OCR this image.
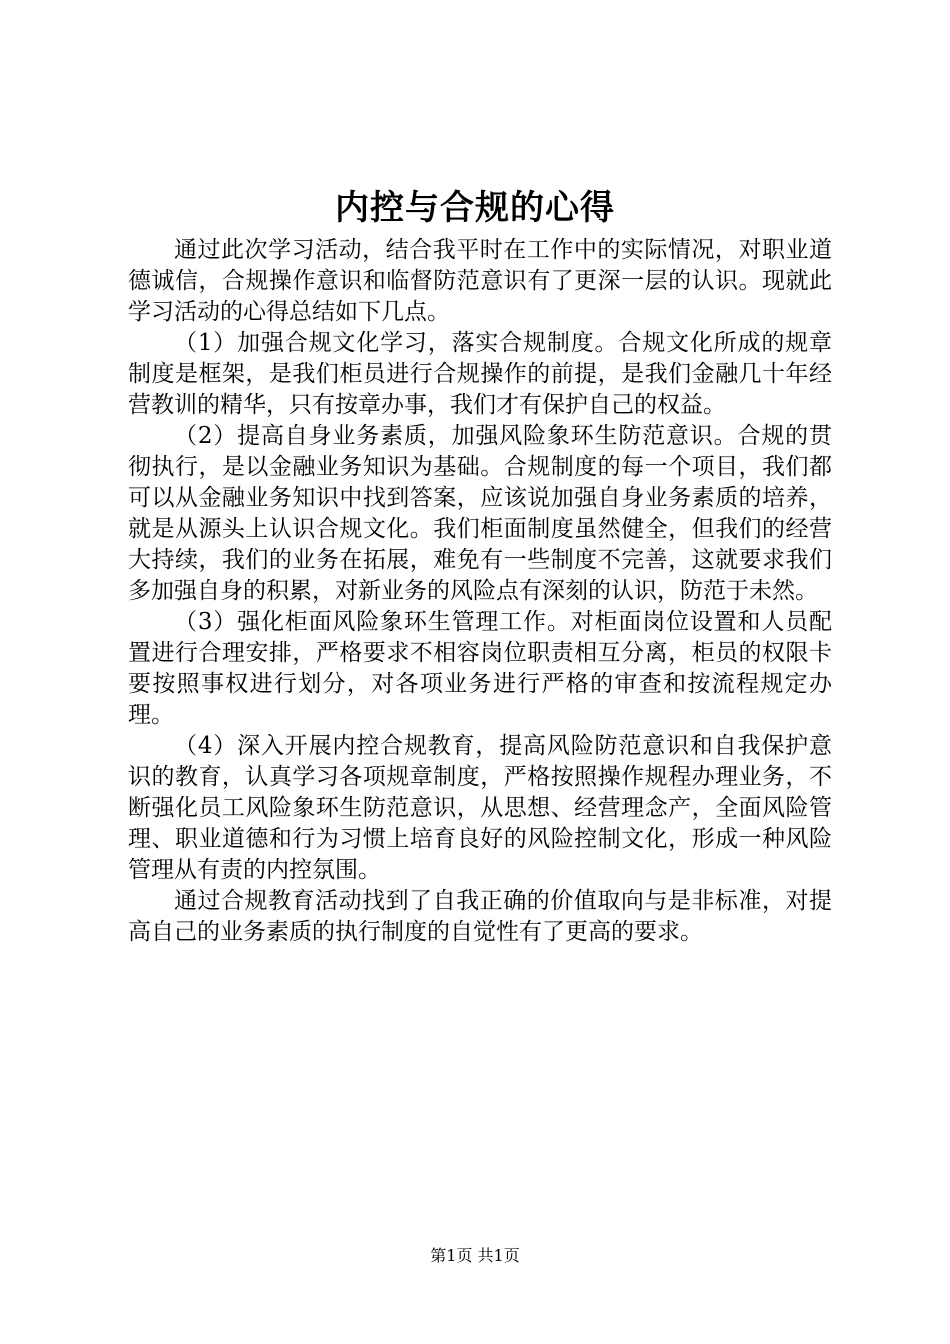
内控与合规的心得

通过此次学习活动，结合我平时在工作中的实际情况，对职业道德诚信，合规操作意识和临督防范意识有了更深一层的认识。现就此学习活动的心得总结如下几点。

（1）加强合规文化学习，落实合规制度。合规文化所成的规章制度是框架，是我们柜员进行合规操作的前提，是我们金融几十年经营教训的精华，只有按章办事，我们才有保护自己的权益。

（2）提高自身业务素质，加强风险象环生防范意识。合规的贯彻执行，是以金融业务知识为基础。合规制度的每一个项目，我们都可以从金融业务知识中找到答案，应该说加强自身业务素质的培养，就是从源头上认识合规文化。我们柜面制度虽然健全，但我们的经营大持续，我们的业务在拓展，难免有一些制度不完善，这就要求我们多加强自身的积累，对新业务的风险点有深刻的认识，防范于未然。

（3）强化柜面风险象环生管理工作。对柜面岗位设置和人员配置进行合理安排，严格要求不相容岗位职责相互分离，柜员的权限卡要按照事权进行划分，对各项业务进行严格的审查和按流程规定办理。

（4）深入开展内控合规教育，提高风险防范意识和自我保护意识的教育，认真学习各项规章制度，严格按照操作规程办理业务，不断强化员工风险象环生防范意识，从思想、经营理念产，全面风险管理、职业道德和行为习惯上培育良好的风险控制文化，形成一种风险管理从有责的内控氛围。

通过合规教育活动找到了自我正确的价值取向与是非标准，对提高自己的业务素质的执行制度的自觉性有了更高的要求。

第1页 共1页
